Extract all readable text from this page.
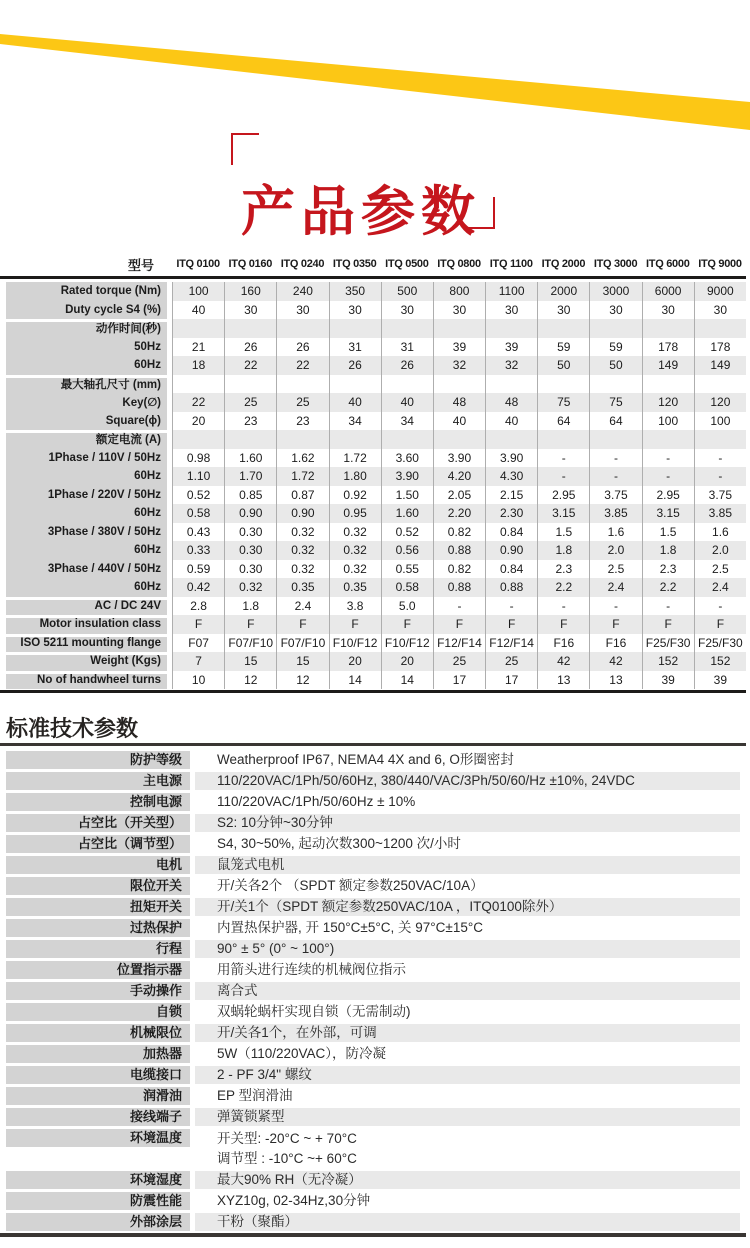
产品参数
型号	ITQ 0100 ITQ 0160 ITQ 0240 ITQ 0350 ITQ 0500 ITQ 0800 ITQ 1100 ITQ 2000 ITQ 3000 ITQ 6000 ITQ 9000
Rated torque (Nm)	100	160	240	350	500	800	1100	2000	3000	6000	9000
Duty cycle S4 (%)	40	30	30	30	30	30	30	30	30	30	30
动作时间(秒)											
50Hz	21	26	26	31	31	39	39	59	59	178	178
60Hz	18	22	22	26	26	32	32	50	50	149	149
最大轴孔尺寸 (mm)											
Key(∅)	22	25	25	40	40	48	48	75	75	120	120
Square(ϕ)	20	23	23	34	34	40	40	64	64	100	100
额定电流 (A)											
1Phase / 110V / 50Hz	0.98	1.60	1.62	1.72	3.60	3.90	3.90	-	-	-	-
60Hz	1.10	1.70	1.72	1.80	3.90	4.20	4.30	-	-	-	-
1Phase / 220V / 50Hz	0.52	0.85	0.87	0.92	1.50	2.05	2.15	2.95	3.75	2.95	3.75
60Hz	0.58	0.90	0.90	0.95	1.60	2.20	2.30	3.15	3.85	3.15	3.85
3Phase / 380V / 50Hz	0.43	0.30	0.32	0.32	0.52	0.82	0.84	1.5	1.6	1.5	1.6
60Hz	0.33	0.30	0.32	0.32	0.56	0.88	0.90	1.8	2.0	1.8	2.0
3Phase / 440V / 50Hz	0.59	0.30	0.32	0.32	0.55	0.82	0.84	2.3	2.5	2.3	2.5
60Hz	0.42	0.32	0.35	0.35	0.58	0.88	0.88	2.2	2.4	2.2	2.4
AC / DC 24V	2.8	1.8	2.4	3.8	5.0	-	-	-	-	-	-
Motor insulation class	F	F	F	F	F	F	F	F	F	F	F
ISO 5211 mounting flange	F07	F07/F10	F07/F10	F10/F12	F10/F12	F12/F14	F12/F14	F16	F16	F25/F30	F25/F30
Weight (Kgs)	7	15	15	20	20	25	25	42	42	152	152
No of handwheel turns	10	12	12	14	14	17	17	13	13	39	39
标准技术参数
防护等级	Weatherproof IP67, NEMA4 4X and 6, O形圈密封
主电源	110/220VAC/1Ph/50/60Hz, 380/440/VAC/3Ph/50/60/Hz ±10%, 24VDC
控制电源	110/220VAC/1Ph/50/60Hz ± 10%
占空比（开关型）	S2: 10分钟~30分钟
占空比（调节型）	S4, 30~50%, 起动次数300~1200 次/小时
电机	鼠笼式电机
限位开关	开/关各2个 （SPDT 额定参数250VAC/10A）
扭矩开关	开/关1个（SPDT 额定参数250VAC/10A ，ITQ0100除外）
过热保护	内置热保护器, 开 150°C±5°C, 关 97°C±15°C
行程	90° ± 5° (0° ~ 100°)
位置指示器	用箭头进行连续的机械阀位指示
手动操作	离合式
自锁	双蜗轮蜗杆实现自锁（无需制动)
机械限位	开/关各1个，在外部，可调
加热器	5W（110/220VAC），防冷凝
电缆接口	2 - PF 3/4" 螺纹
润滑油	EP 型润滑油
接线端子	弹簧锁紧型
环境温度	开关型: -20°C ~ + 70°C
调节型 : -10°C ~+ 60°C
环境湿度	最大90% RH（无冷凝）
防震性能	XYZ10g, 02-34Hz,30分钟
外部涂层	干粉（聚酯）
